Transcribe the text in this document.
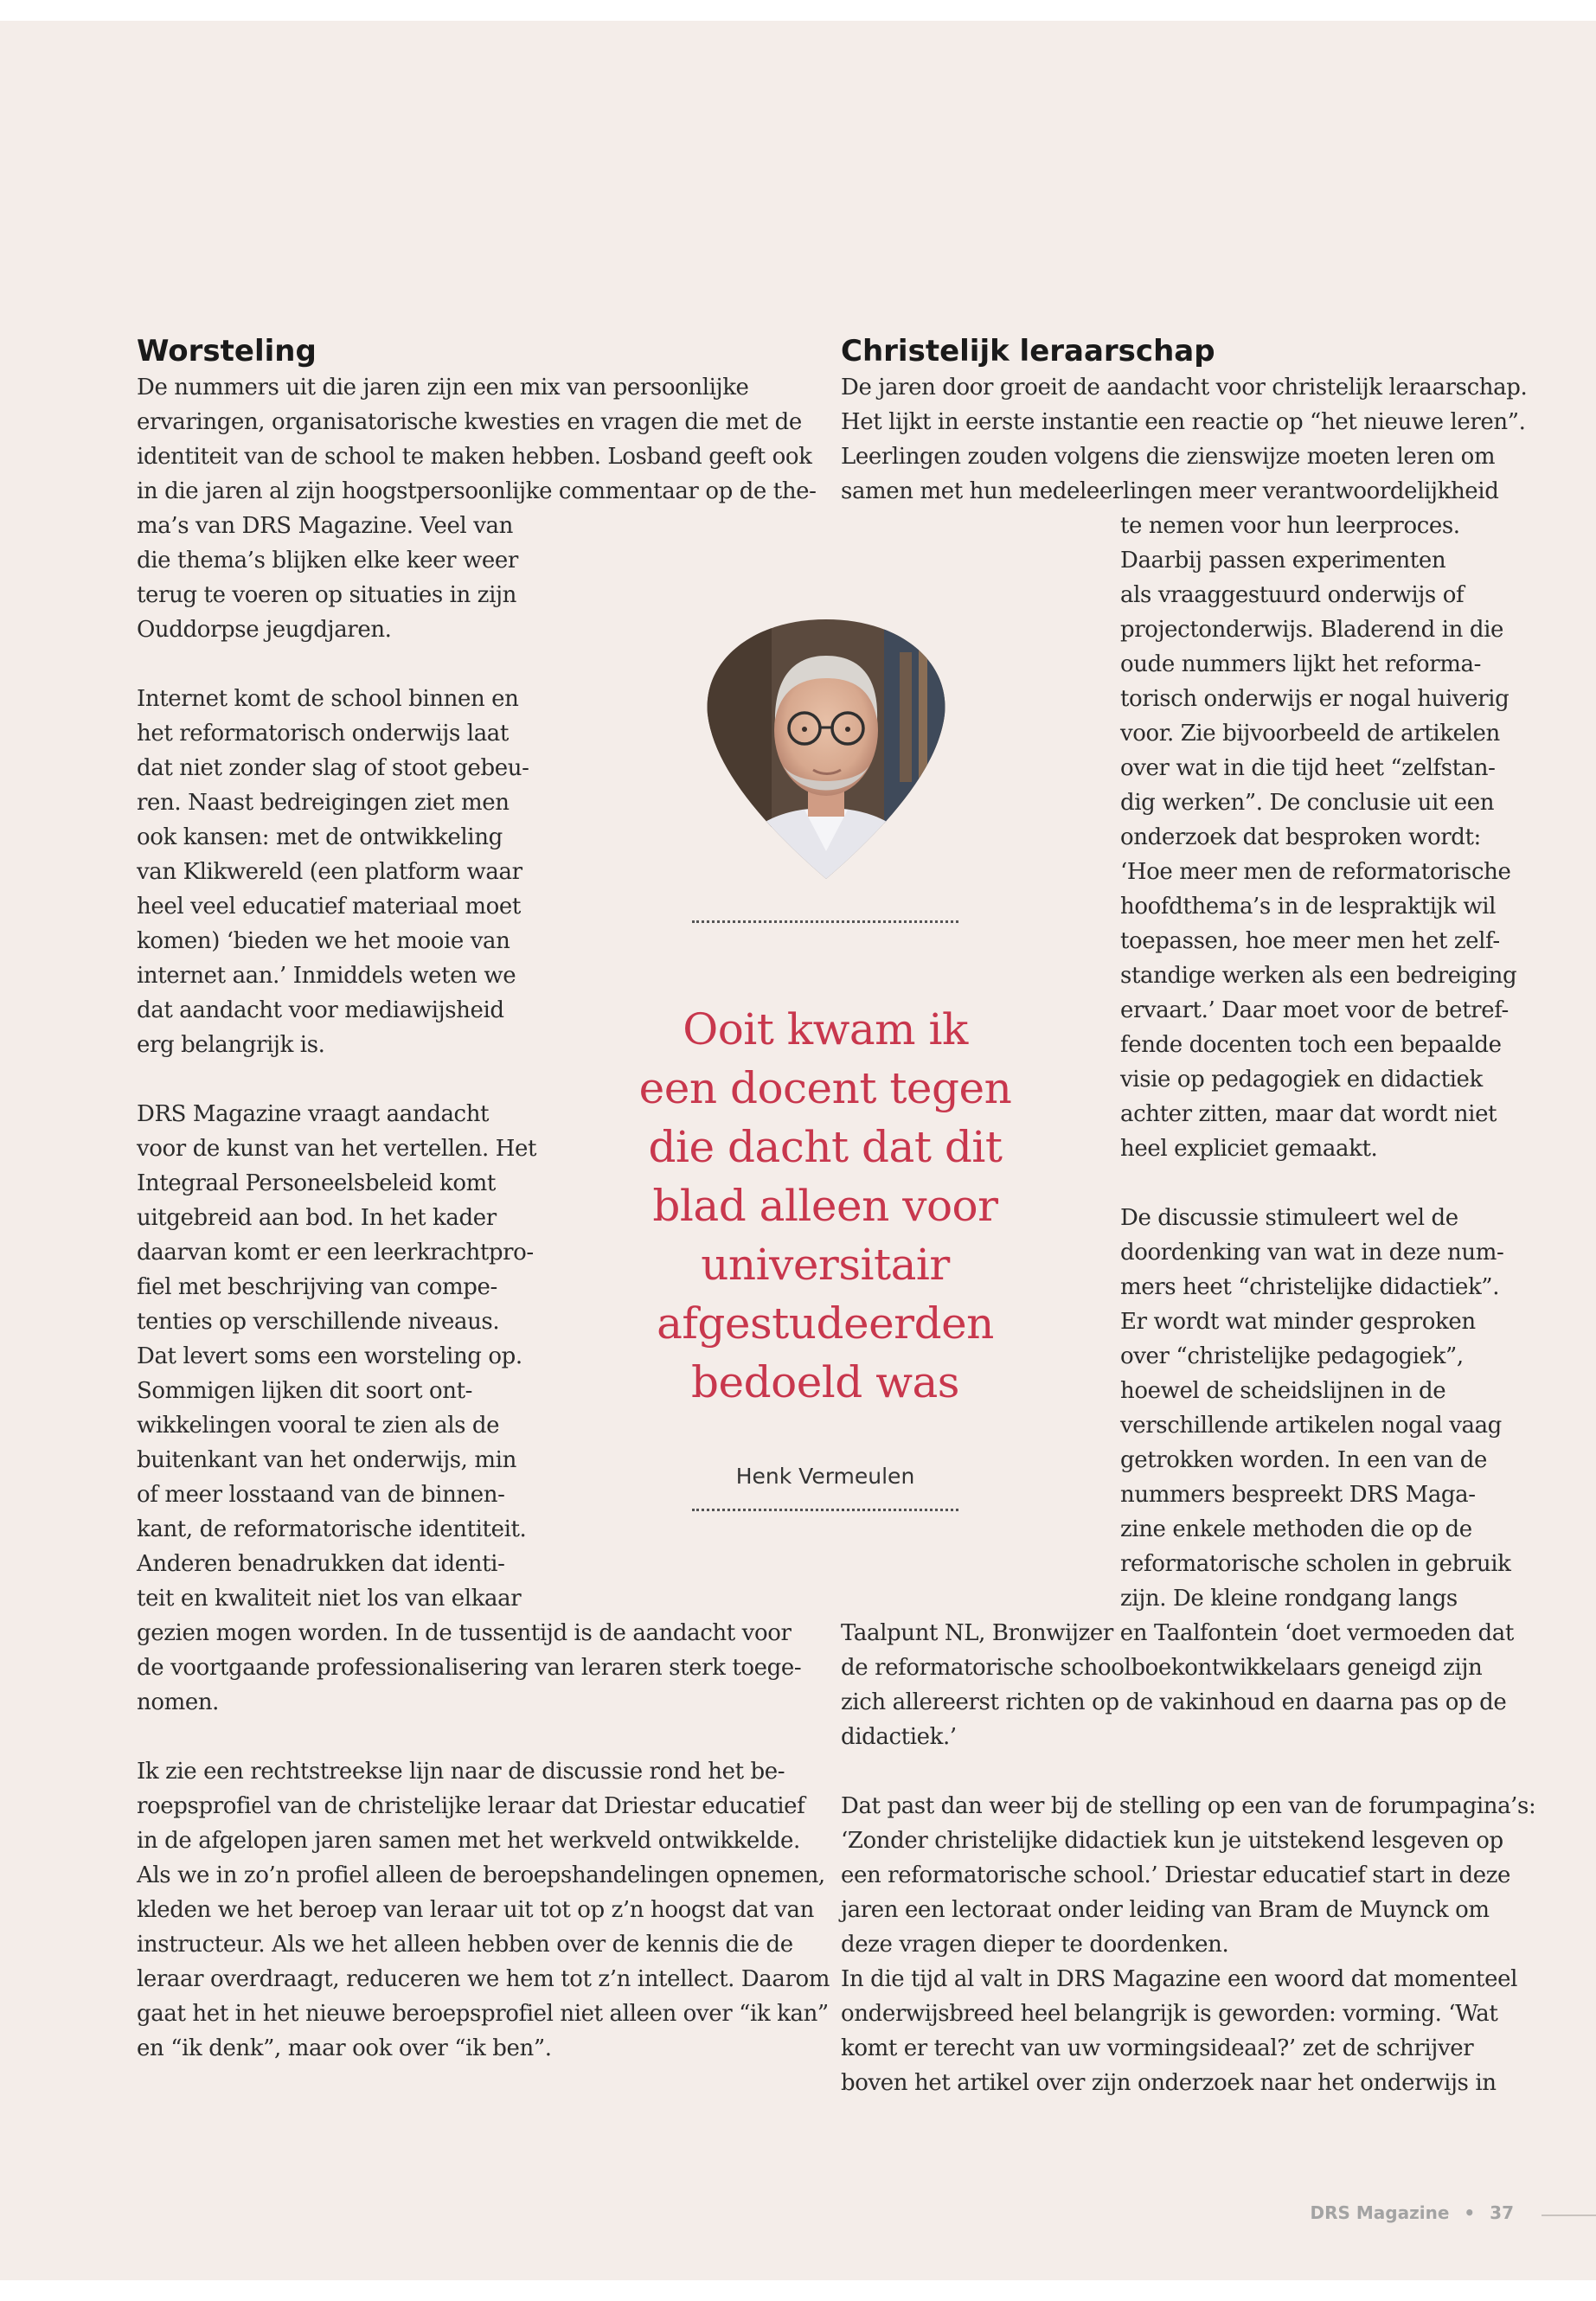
Worsteling
De nummers uit die jaren zijn een mix van persoonlijke
ervaringen, organisatorische kwesties en vragen die met de
identiteit van de school te maken hebben. Losband geeft ook
in die jaren al zijn hoogstpersoonlijke commentaar op de the-
ma’s van DRS Magazine. Veel van
die thema’s blijken elke keer weer
terug te voeren op situaties in zijn
Ouddorpse jeugdjaren.
Internet komt de school binnen en
het reformatorisch onderwijs laat
dat niet zonder slag of stoot gebeu-
ren. Naast bedreigingen ziet men
ook kansen: met de ontwikkeling
van Klikwereld (een platform waar
heel veel educatief materiaal moet
komen) ‘bieden we het mooie van
internet aan.’ Inmiddels weten we
dat aandacht voor mediawijsheid
erg belangrijk is.
DRS Magazine vraagt aandacht
voor de kunst van het vertellen. Het
Integraal Personeelsbeleid komt
uitgebreid aan bod. In het kader
daarvan komt er een leerkrachtpro-
fiel met beschrijving van compe-
tenties op verschillende niveaus.
Dat levert soms een worsteling op.
Sommigen lijken dit soort ont-
wikkelingen vooral te zien als de
buitenkant van het onderwijs, min
of meer losstaand van de binnen-
kant, de reformatorische identiteit.
Anderen benadrukken dat identi-
teit en kwaliteit niet los van elkaar
gezien mogen worden. In de tussentijd is de aandacht voor
de voortgaande professionalisering van leraren sterk toege-
nomen.
Ik zie een rechtstreekse lijn naar de discussie rond het be-
roepsprofiel van de christelijke leraar dat Driestar educatief
in de afgelopen jaren samen met het werkveld ontwikkelde.
Als we in zo’n profiel alleen de beroepshandelingen opnemen,
kleden we het beroep van leraar uit tot op z’n hoogst dat van
instructeur. Als we het alleen hebben over de kennis die de
leraar overdraagt, reduceren we hem tot z’n intellect. Daarom
gaat het in het nieuwe beroepsprofiel niet alleen over “ik kan”
en “ik denk”, maar ook over “ik ben”.
Christelijk leraarschap
De jaren door groeit de aandacht voor christelijk leraarschap.
Het lijkt in eerste instantie een reactie op “het nieuwe leren”.
Leerlingen zouden volgens die zienswijze moeten leren om
samen met hun medeleerlingen meer verantwoordelijkheid
te nemen voor hun leerproces.
Daarbij passen experimenten
als vraaggestuurd onderwijs of
projectonderwijs. Bladerend in die
oude nummers lijkt het reforma-
torisch onderwijs er nogal huiverig
voor. Zie bijvoorbeeld de artikelen
over wat in die tijd heet “zelfstan-
dig werken”. De conclusie uit een
onderzoek dat besproken wordt:
‘Hoe meer men de reformatorische
hoofdthema’s in de lespraktijk wil
toepassen, hoe meer men het zelf-
standige werken als een bedreiging
ervaart.’ Daar moet voor de betref-
fende docenten toch een bepaalde
visie op pedagogiek en didactiek
achter zitten, maar dat wordt niet
heel expliciet gemaakt.
De discussie stimuleert wel de
doordenking van wat in deze num-
mers heet “christelijke didactiek”.
Er wordt wat minder gesproken
over “christelijke pedagogiek”,
hoewel de scheidslijnen in de
verschillende artikelen nogal vaag
getrokken worden. In een van de
nummers bespreekt DRS Maga-
zine enkele methoden die op de
reformatorische scholen in gebruik
zijn. De kleine rondgang langs
Taalpunt NL, Bronwijzer en Taalfontein ‘doet vermoeden dat
de reformatorische schoolboekontwikkelaars geneigd zijn
zich allereerst richten op de vakinhoud en daarna pas op de
didactiek.’
Dat past dan weer bij de stelling op een van de forumpagina’s:
‘Zonder christelijke didactiek kun je uitstekend lesgeven op
een reformatorische school.’ Driestar educatief start in deze
jaren een lectoraat onder leiding van Bram de Muynck om
deze vragen dieper te doordenken.
In die tijd al valt in DRS Magazine een woord dat momenteel
onderwijsbreed heel belangrijk is geworden: vorming. ‘Wat
komt er terecht van uw vormingsideaal?’ zet de schrijver
boven het artikel over zijn onderzoek naar het onderwijs in
Ooit kwam ik
een docent tegen
die dacht dat dit
blad alleen voor
universitair
afgestudeerden
bedoeld was
Henk Vermeulen
DRS Magazine • 37
